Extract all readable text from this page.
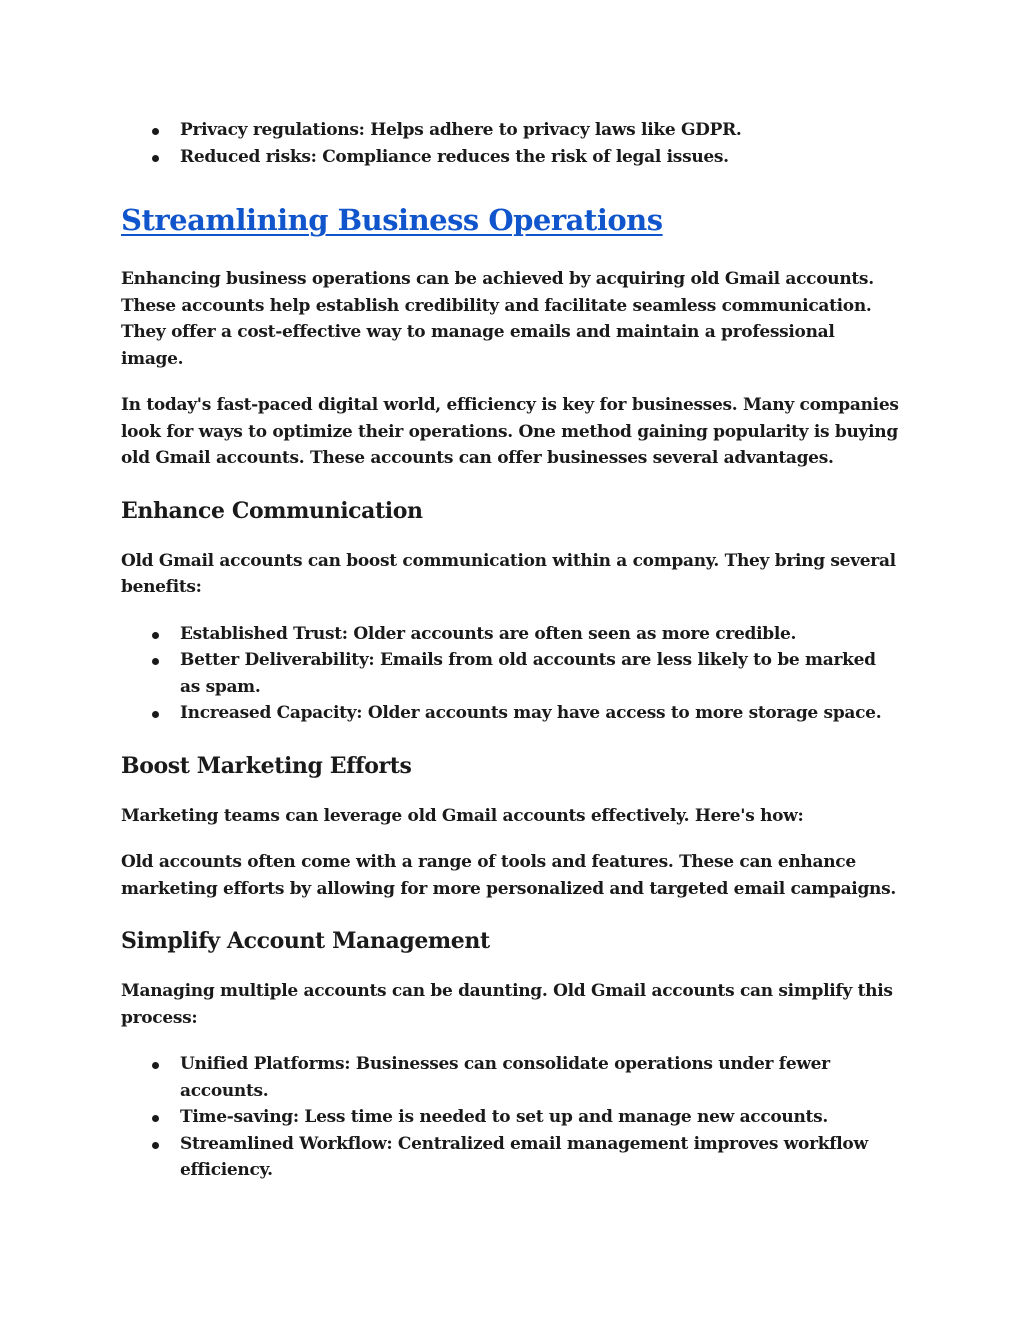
Privacy regulations: Helps adhere to privacy laws like GDPR.
Reduced risks: Compliance reduces the risk of legal issues.
Streamlining Business Operations

Enhancing business operations can be achieved by acquiring old Gmail accounts. These accounts help establish credibility and facilitate seamless communication. They offer a cost-effective way to manage emails and maintain a professional image.

In today's fast-paced digital world, efficiency is key for businesses. Many companies look for ways to optimize their operations. One method gaining popularity is buying old Gmail accounts. These accounts can offer businesses several advantages.

Enhance Communication

Old Gmail accounts can boost communication within a company. They bring several benefits:

Established Trust: Older accounts are often seen as more credible.
Better Deliverability: Emails from old accounts are less likely to be marked as spam.
Increased Capacity: Older accounts may have access to more storage space.
Boost Marketing Efforts

Marketing teams can leverage old Gmail accounts effectively. Here's how:

Old accounts often come with a range of tools and features. These can enhance marketing efforts by allowing for more personalized and targeted email campaigns.

Simplify Account Management

Managing multiple accounts can be daunting. Old Gmail accounts can simplify this process:

Unified Platforms: Businesses can consolidate operations under fewer accounts.
Time-saving: Less time is needed to set up and manage new accounts.
Streamlined Workflow: Centralized email management improves workflow efficiency.
